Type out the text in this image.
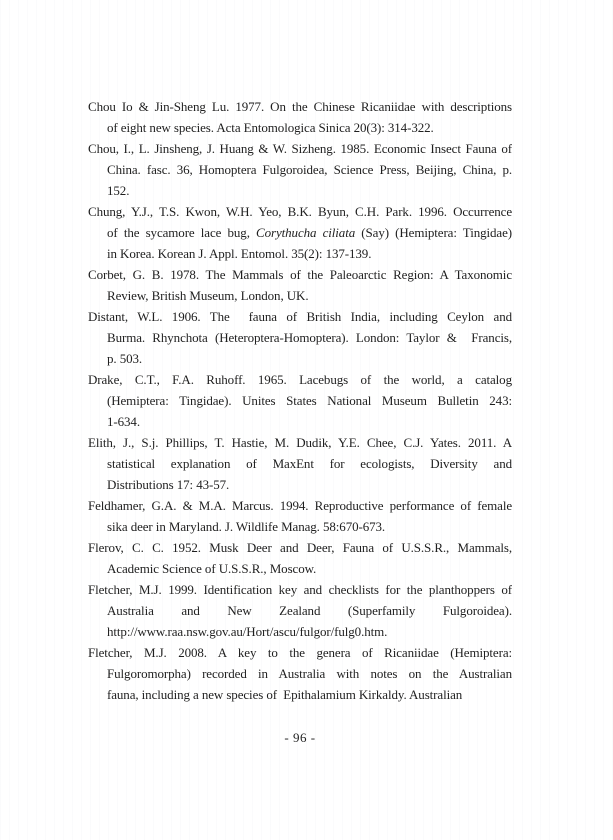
Chou Io & Jin-Sheng Lu. 1977. On the Chinese Ricaniidae with descriptions
of eight new species. Acta Entomologica Sinica 20(3): 314-322.
Chou, I., L. Jinsheng, J. Huang & W. Sizheng. 1985. Economic Insect Fauna of
China. fasc. 36, Homoptera Fulgoroidea, Science Press, Beijing, China, p.
152.
Chung, Y.J., T.S. Kwon, W.H. Yeo, B.K. Byun, C.H. Park. 1996. Occurrence
of the sycamore lace bug, Corythucha ciliata (Say) (Hemiptera: Tingidae)
in Korea. Korean J. Appl. Entomol. 35(2): 137-139.
Corbet, G. B. 1978. The Mammals of the Paleoarctic Region: A Taxonomic
Review, British Museum, London, UK.
Distant, W.L. 1906. The  fauna of British India, including Ceylon and
Burma. Rhynchota (Heteroptera-Homoptera). London: Taylor &  Francis,
p. 503.
Drake, C.T., F.A. Ruhoff. 1965. Lacebugs of the world, a catalog
(Hemiptera: Tingidae). Unites States National Museum Bulletin 243:
1-634.
Elith, J., S.j. Phillips, T. Hastie, M. Dudik, Y.E. Chee, C.J. Yates. 2011. A
statistical explanation of MaxEnt for ecologists, Diversity and
Distributions 17: 43-57.
Feldhamer, G.A. & M.A. Marcus. 1994. Reproductive performance of female
sika deer in Maryland. J. Wildlife Manag. 58:670-673.
Flerov, C. C. 1952. Musk Deer and Deer, Fauna of U.S.S.R., Mammals,
Academic Science of U.S.S.R., Moscow.
Fletcher, M.J. 1999. Identification key and checklists for the planthoppers of
Australia and New Zealand (Superfamily Fulgoroidea).
http://www.raa.nsw.gov.au/Hort/ascu/fulgor/fulg0.htm.
Fletcher, M.J. 2008. A key to the genera of Ricaniidae (Hemiptera:
Fulgoromorpha) recorded in Australia with notes on the Australian
fauna, including a new species of  Epithalamium Kirkaldy. Australian
- 96 -
